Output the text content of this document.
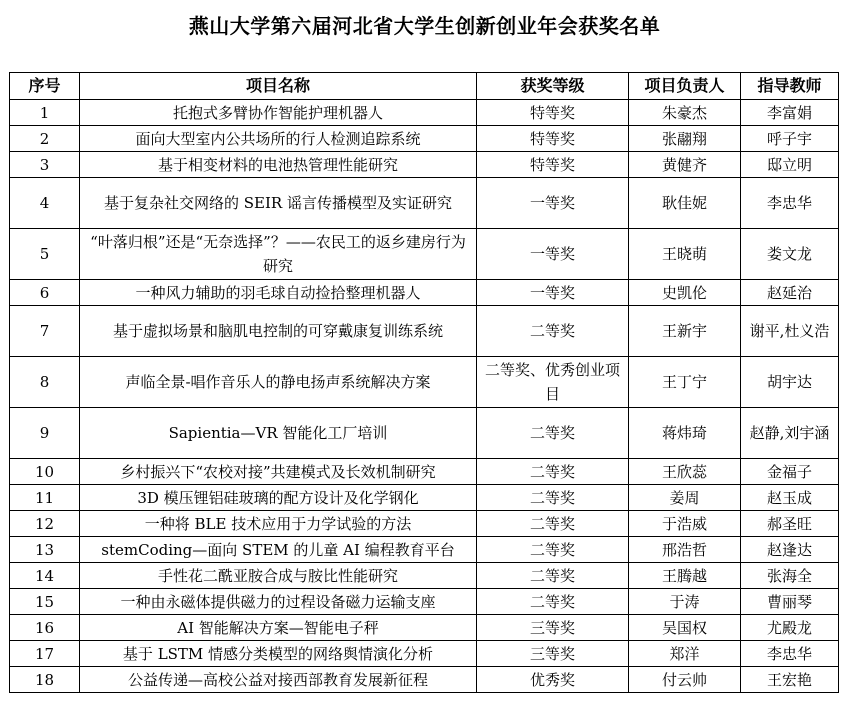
燕山大学第六届河北省大学生创新创业年会获奖名单
序号	项目名称	获奖等级	项目负责人	指导教师
1	托抱式多臂协作智能护理机器人	特等奖	朱豪杰	李富娟
2	面向大型室内公共场所的行人检测追踪系统	特等奖	张翮翔	呼子宇
3	基于相变材料的电池热管理性能研究	特等奖	黄健齐	邸立明
4	基于复杂社交网络的 SEIR 谣言传播模型及实证研究	一等奖	耿佳妮	李忠华
5	“叶落归根”还是“无奈选择”？——农民工的返乡建房行为研究	一等奖	王晓萌	娄文龙
6	一种风力辅助的羽毛球自动捡拾整理机器人	一等奖	史凯伦	赵延治
7	基于虚拟场景和脑肌电控制的可穿戴康复训练系统	二等奖	王新宇	谢平,杜义浩
8	声临全景-唱作音乐人的静电扬声系统解决方案	二等奖、优秀创业项目	王丁宁	胡宇达
9	Sapientia—VR 智能化工厂培训	二等奖	蒋炜琦	赵静,刘宇涵
10	乡村振兴下“农校对接”共建模式及长效机制研究	二等奖	王欣蕊	金福子
11	3D 模压锂铝硅玻璃的配方设计及化学钢化	二等奖	姜周	赵玉成
12	一种将 BLE 技术应用于力学试验的方法	二等奖	于浩威	郝圣旺
13	stemCoding—面向 STEM 的儿童 AI 编程教育平台	二等奖	邢浩哲	赵逢达
14	手性花二酰亚胺合成与胺比性能研究	二等奖	王腾越	张海全
15	一种由永磁体提供磁力的过程设备磁力运输支座	二等奖	于涛	曹丽琴
16	AI 智能解决方案—智能电子秤	三等奖	吴国权	尤殿龙
17	基于 LSTM 情感分类模型的网络舆情演化分析	三等奖	郑洋	李忠华
18	公益传递—高校公益对接西部教育发展新征程	优秀奖	付云帅	王宏艳
